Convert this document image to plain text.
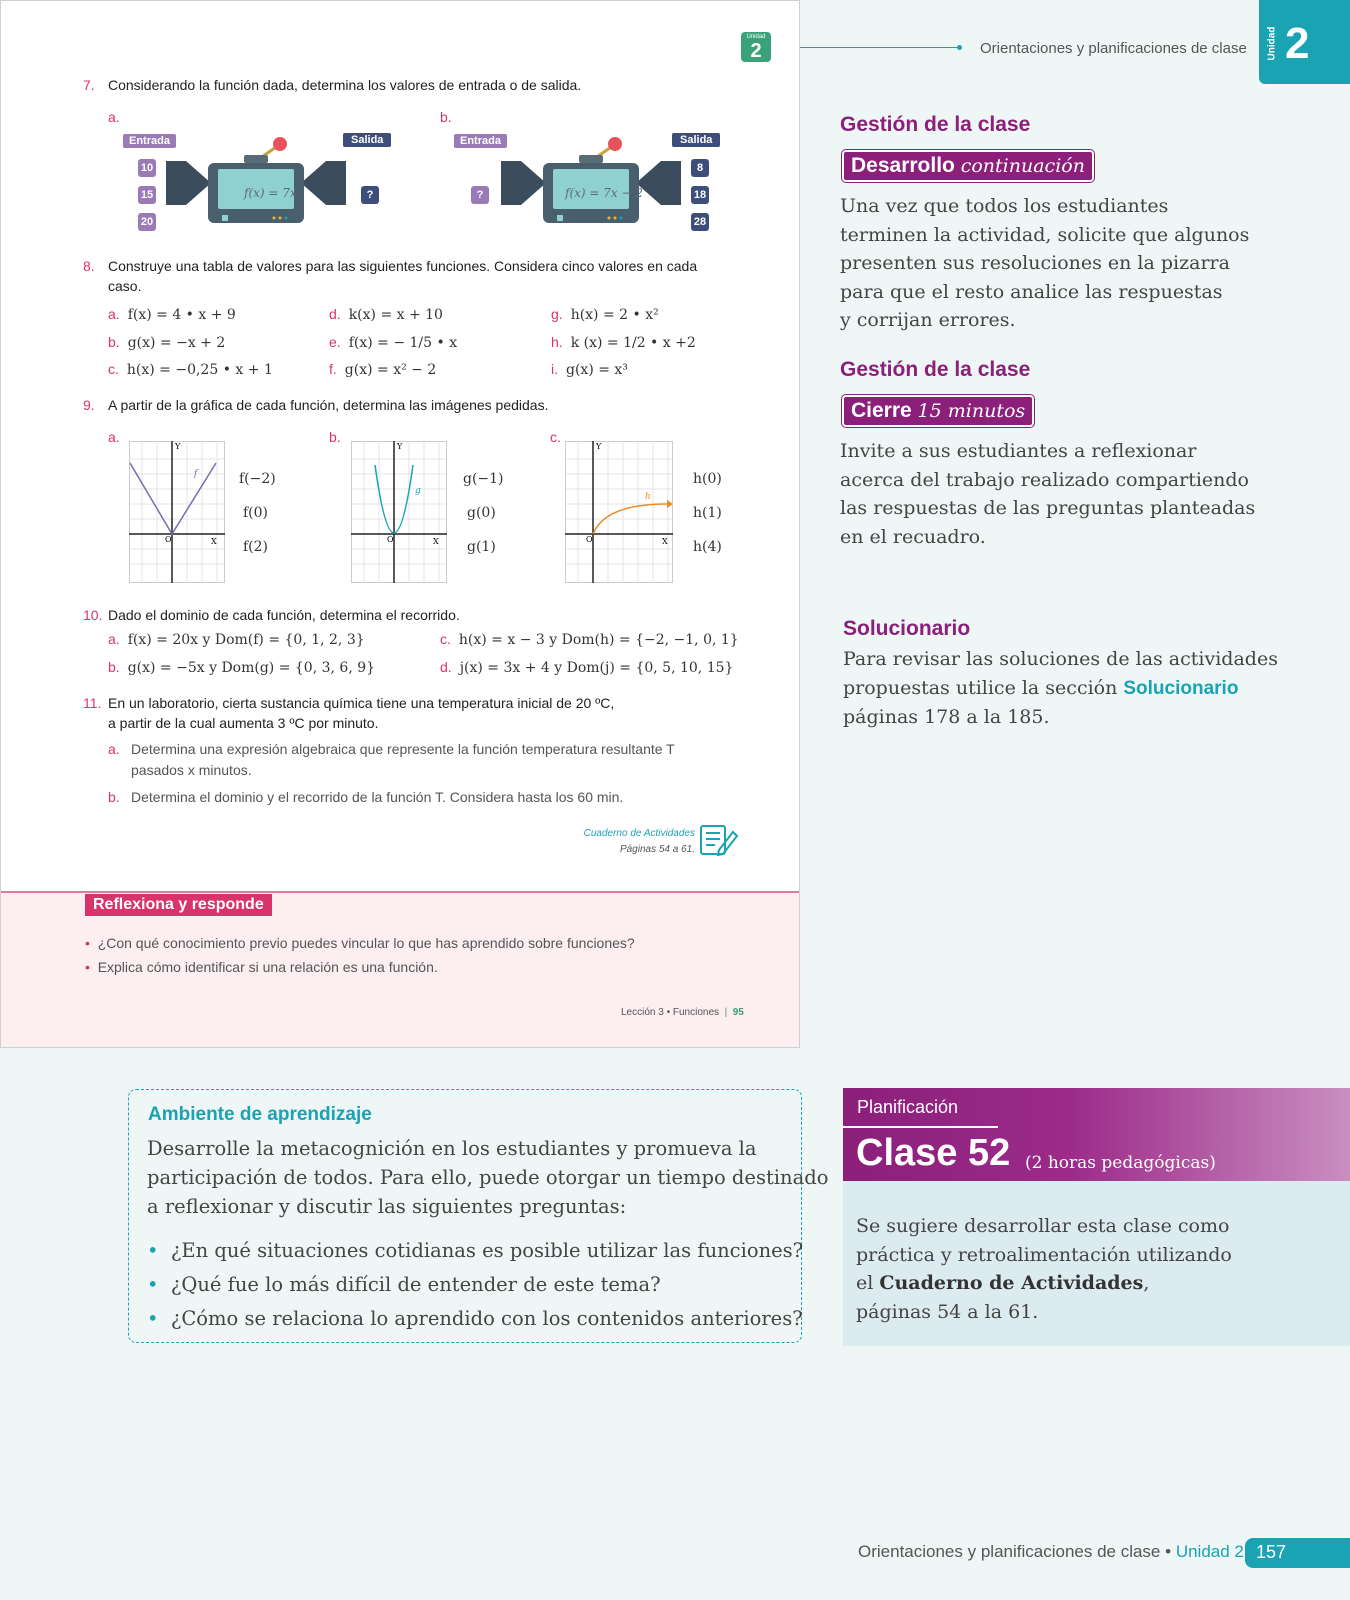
Orientaciones y planificaciones de clase Unidad 2
Unidad
2
7. Considerando la función dada, determina los valores de entrada o de salida.
a.	b.
Entrada	Salida
10
15
20
?
f(x) = 7x
Entrada	Salida
?
8
18
28
f(x) = 7x − 2
8. Construye una tabla de valores para las siguientes funciones. Considera cinco valores en cada caso.
a. f(x) = 4 • x + 9
b. g(x) = −x + 2
c. h(x) = −0,25 • x + 1
d. k(x) = x + 10
e. f(x) = − 1/5 • x
f. g(x) = x² − 2
g. h(x) = 2 • x²
h. k (x) = 1/2 • x +2
i. g(x) = x³
9. A partir de la gráfica de cada función, determina las imágenes pedidas.
a.	b.	c.
Y
X
O
f	f(−2)
f(0)
f(2)
Y
X
O
g
g(−1)
g(0)
g(1)
Y
X
O
h
h(0)
h(1)
h(4)
10. Dado el dominio de cada función, determina el recorrido.
a. f(x) = 20x y Dom(f) = {0, 1, 2, 3}
b. g(x) = −5x y Dom(g) = {0, 3, 6, 9}
c. h(x) = x − 3 y Dom(h) = {−2, −1, 0, 1}
d. j(x) = 3x + 4 y Dom(j) = {0, 5, 10, 15}
11. En un laboratorio, cierta sustancia química tiene una temperatura inicial de 20 ºC,
a partir de la cual aumenta 3 ºC por minuto.
a. Determina una expresión algebraica que represente la función temperatura resultante T
pasados x minutos.
b. Determina el dominio y el recorrido de la función T. Considera hasta los 60 min.
Cuaderno de Actividades
Páginas 54 a 61.
Reflexiona y responde
• ¿Con qué conocimiento previo puedes vincular lo que has aprendido sobre funciones?
• Explica cómo identificar si una relación es una función.
Lección 3 • Funciones  |  95
Gestión de la clase
Desarrollo continuación
Una vez que todos los estudiantes
terminen la actividad, solicite que algunos
presenten sus resoluciones en la pizarra
para que el resto analice las respuestas
y corrijan errores.
Gestión de la clase
Cierre 15 minutos
Invite a sus estudiantes a reflexionar
acerca del trabajo realizado compartiendo
las respuestas de las preguntas planteadas
en el recuadro.
Solucionario
Para revisar las soluciones de las actividades
propuestas utilice la sección Solucionario
páginas 178 a la 185.
Ambiente de aprendizaje
Desarrolle la metacognición en los estudiantes y promueva la
participación de todos. Para ello, puede otorgar un tiempo destinado
a reflexionar y discutir las siguientes preguntas:
• ¿En qué situaciones cotidianas es posible utilizar las funciones?
• ¿Qué fue lo más difícil de entender de este tema?
• ¿Cómo se relaciona lo aprendido con los contenidos anteriores?
Planificación
Clase 52 (2 horas pedagógicas)
Se sugiere desarrollar esta clase como
práctica y retroalimentación utilizando
el Cuaderno de Actividades,
páginas 54 a la 61.
Orientaciones y planificaciones de clase • Unidad 2 157
